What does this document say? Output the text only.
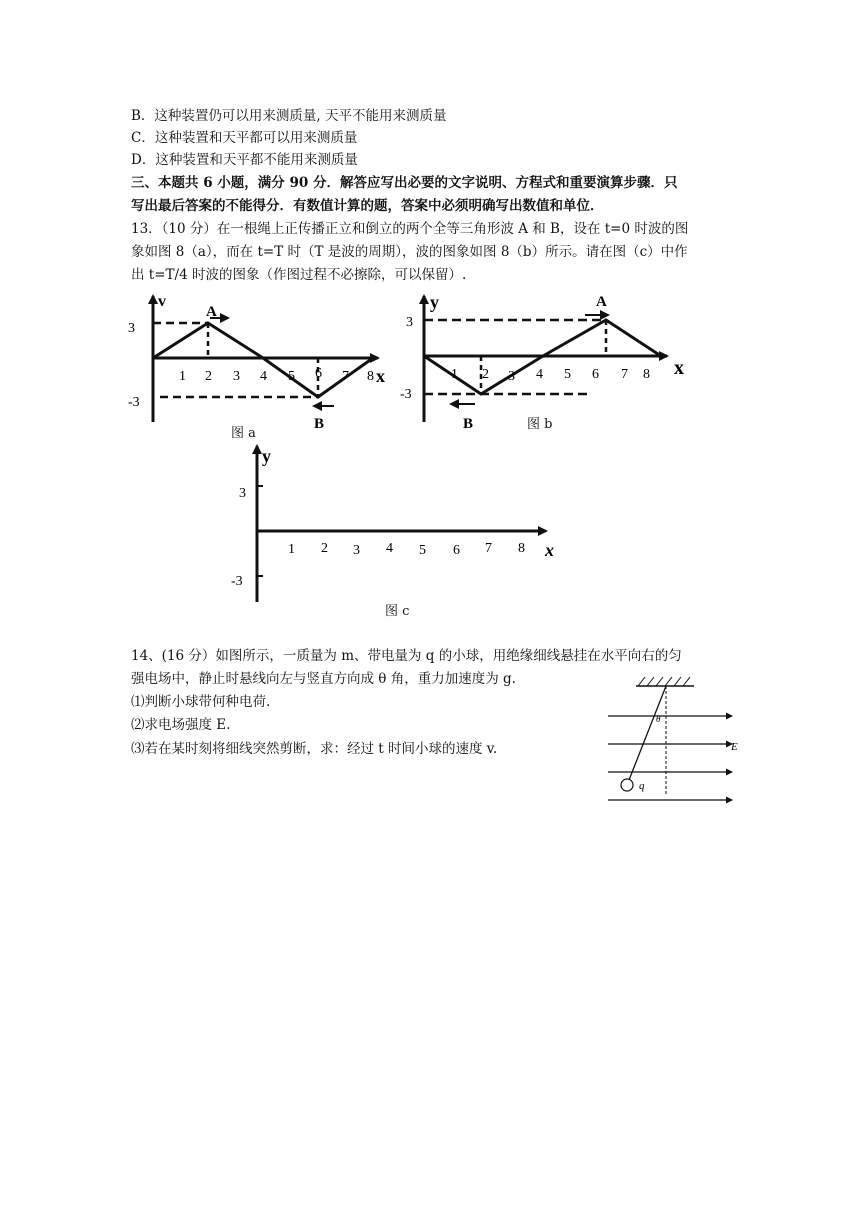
B．这种装置仍可以用来测质量, 天平不能用来测质量
C．这种装置和天平都可以用来测质量
D．这种装置和天平都不能用来测质量
三、本题共 6 小题，满分 90 分．解答应写出必要的文字说明、方程式和重要演算步骤．只
写出最后答案的不能得分．有数值计算的题，答案中必须明确写出数值和单位．
13．（10 分）在一根绳上正传播正立和倒立的两个全等三角形波 A 和 B，设在 t=0 时波的图
象如图 8（a），而在 t=T 时（T 是波的周期），波的图象如图 8（b）所示。请在图（c）中作
出 t=T/4 时波的图象（作图过程不必擦除，可以保留）.
v
x
3
-3
A
B
1 2 3 4 5 6 7 8
图 a
y
x
3
-3
A
B
1 2 3 4 5 6 7 8
图 b
y
x
3
-3
1 2 3 4 5 6 7 8
图 c
14、(16 分）如图所示，一质量为 m、带电量为 q 的小球，用绝缘细线悬挂在水平向右的匀
强电场中，静止时悬线向左与竖直方向成 θ 角，重力加速度为 g.
⑴判断小球带何种电荷.
⑵求电场强度 E.
⑶若在某时刻将细线突然剪断，求：经过 t 时间小球的速度 v.
θ
E
q
